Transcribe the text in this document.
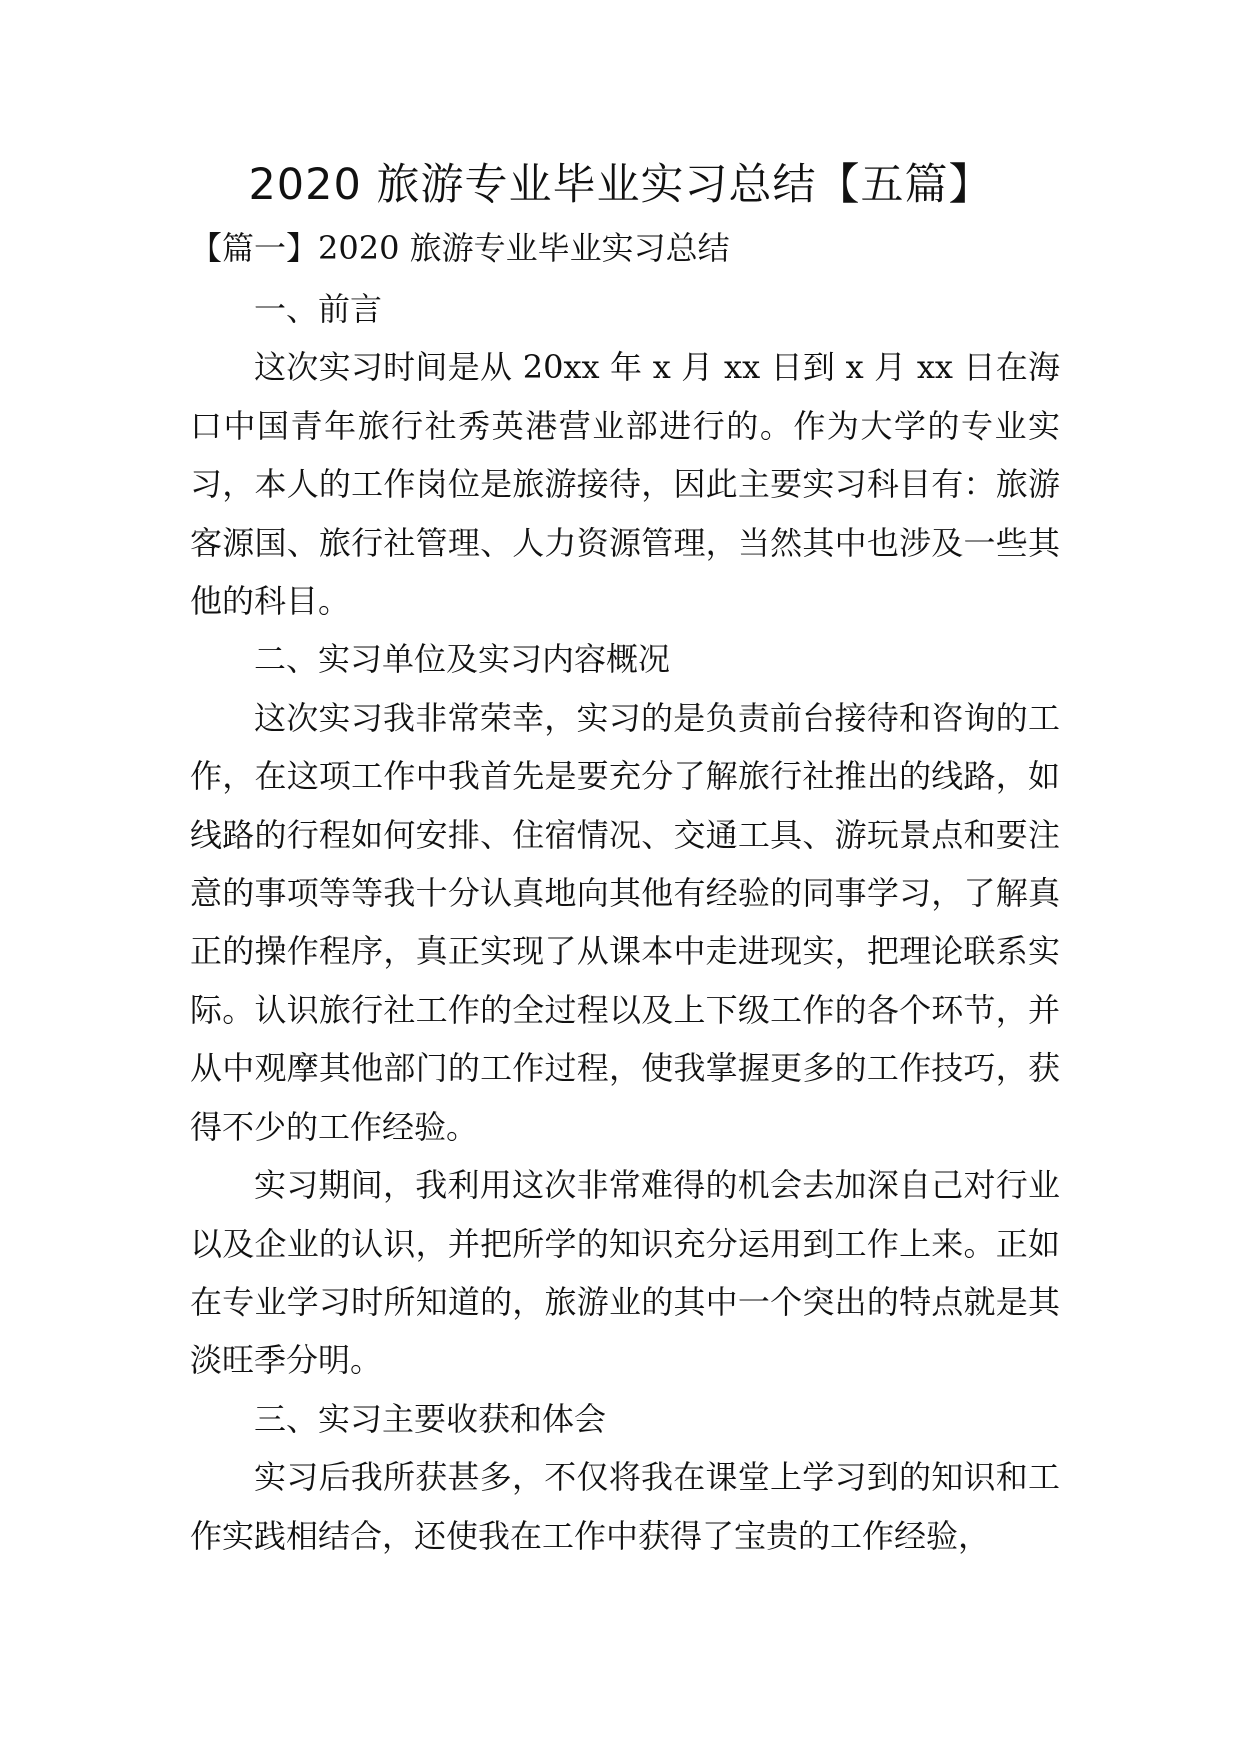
2020 旅游专业毕业实习总结【五篇】
【篇一】2020 旅游专业毕业实习总结

一、前言

这次实习时间是从 20xx 年 x 月 xx 日到 x 月 xx 日在海口中国青年旅行社秀英港营业部进行的。作为大学的专业实习，本人的工作岗位是旅游接待，因此主要实习科目有：旅游客源国、旅行社管理、人力资源管理，当然其中也涉及一些其他的科目。

二、实习单位及实习内容概况

这次实习我非常荣幸，实习的是负责前台接待和咨询的工作，在这项工作中我首先是要充分了解旅行社推出的线路，如线路的行程如何安排、住宿情况、交通工具、游玩景点和要注意的事项等等我十分认真地向其他有经验的同事学习，了解真正的操作程序，真正实现了从课本中走进现实，把理论联系实际。认识旅行社工作的全过程以及上下级工作的各个环节，并从中观摩其他部门的工作过程，使我掌握更多的工作技巧，获得不少的工作经验。

实习期间，我利用这次非常难得的机会去加深自己对行业以及企业的认识，并把所学的知识充分运用到工作上来。正如在专业学习时所知道的，旅游业的其中一个突出的特点就是其淡旺季分明。

三、实习主要收获和体会

实习后我所获甚多，不仅将我在课堂上学习到的知识和工作实践相结合，还使我在工作中获得了宝贵的工作经验，
